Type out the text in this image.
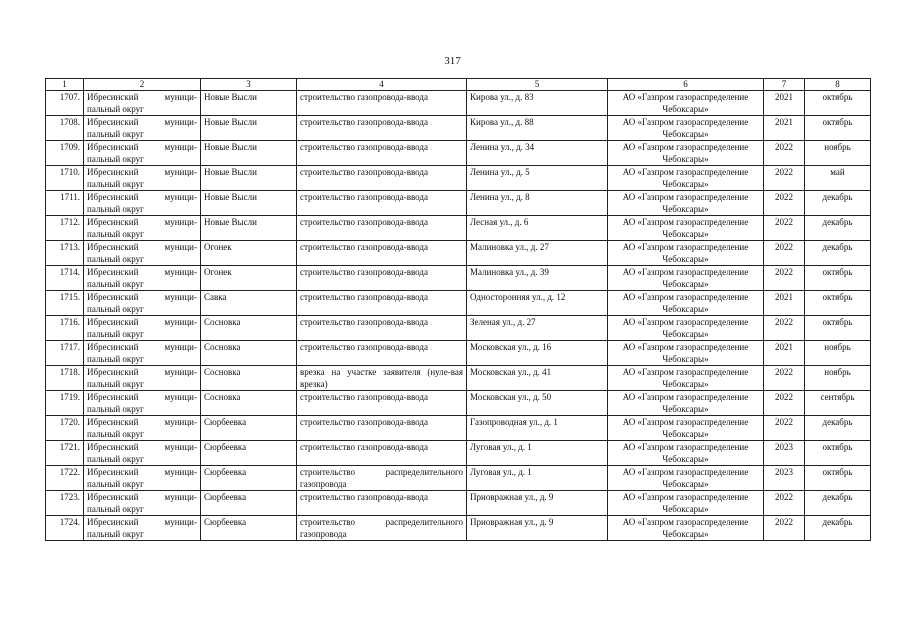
317
1	2	3	4	5	6	7	8
1707.	Ибресинский муници-пальный округ	Новые Высли	строительство газопровода-ввода	Кирова ул., д. 83	АО «Газпром газораспределение Чебоксары»	2021	октябрь
1708.	Ибресинский муници-пальный округ	Новые Высли	строительство газопровода-ввода	Кирова ул., д. 88	АО «Газпром газораспределение Чебоксары»	2021	октябрь
1709.	Ибресинский муници-пальный округ	Новые Высли	строительство газопровода-ввода	Ленина ул., д. 34	АО «Газпром газораспределение Чебоксары»	2022	ноябрь
1710.	Ибресинский муници-пальный округ	Новые Высли	строительство газопровода-ввода	Ленина ул., д. 5	АО «Газпром газораспределение Чебоксары»	2022	май
1711.	Ибресинский муници-пальный округ	Новые Высли	строительство газопровода-ввода	Ленина ул., д. 8	АО «Газпром газораспределение Чебоксары»	2022	декабрь
1712.	Ибресинский муници-пальный округ	Новые Высли	строительство газопровода-ввода	Лесная ул., д. 6	АО «Газпром газораспределение Чебоксары»	2022	декабрь
1713.	Ибресинский муници-пальный округ	Огонек	строительство газопровода-ввода	Малиновка ул., д. 27	АО «Газпром газораспределение Чебоксары»	2022	декабрь
1714.	Ибресинский муници-пальный округ	Огонек	строительство газопровода-ввода	Малиновка ул., д. 39	АО «Газпром газораспределение Чебоксары»	2022	октябрь
1715.	Ибресинский муници-пальный округ	Савка	строительство газопровода-ввода	Односторонняя ул., д. 12	АО «Газпром газораспределение Чебоксары»	2021	октябрь
1716.	Ибресинский муници-пальный округ	Сосновка	строительство газопровода-ввода	Зеленая ул., д. 27	АО «Газпром газораспределение Чебоксары»	2022	октябрь
1717.	Ибресинский муници-пальный округ	Сосновка	строительство газопровода-ввода	Московская ул., д. 16	АО «Газпром газораспределение Чебоксары»	2021	ноябрь
1718.	Ибресинский муници-пальный округ	Сосновка	врезка на участке заявителя (нуле-вая врезка)	Московская ул., д. 41	АО «Газпром газораспределение Чебоксары»	2022	ноябрь
1719.	Ибресинский муници-пальный округ	Сосновка	строительство газопровода-ввода	Московская ул., д. 50	АО «Газпром газораспределение Чебоксары»	2022	сентябрь
1720.	Ибресинский муници-пальный округ	Сюрбеевка	строительство газопровода-ввода	Газопроводная ул., д. 1	АО «Газпром газораспределение Чебоксары»	2022	декабрь
1721.	Ибресинский муници-пальный округ	Сюрбеевка	строительство газопровода-ввода	Луговая ул., д. 1	АО «Газпром газораспределение Чебоксары»	2023	октябрь
1722.	Ибресинский муници-пальный округ	Сюрбеевка	строительство распределительного газопровода	Луговая ул., д. 1	АО «Газпром газораспределение Чебоксары»	2023	октябрь
1723.	Ибресинский муници-пальный округ	Сюрбеевка	строительство газопровода-ввода	Приовражная ул., д. 9	АО «Газпром газораспределение Чебоксары»	2022	декабрь
1724.	Ибресинский муници-пальный округ	Сюрбеевка	строительство распределительного газопровода	Приовражная ул., д. 9	АО «Газпром газораспределение Чебоксары»	2022	декабрь
